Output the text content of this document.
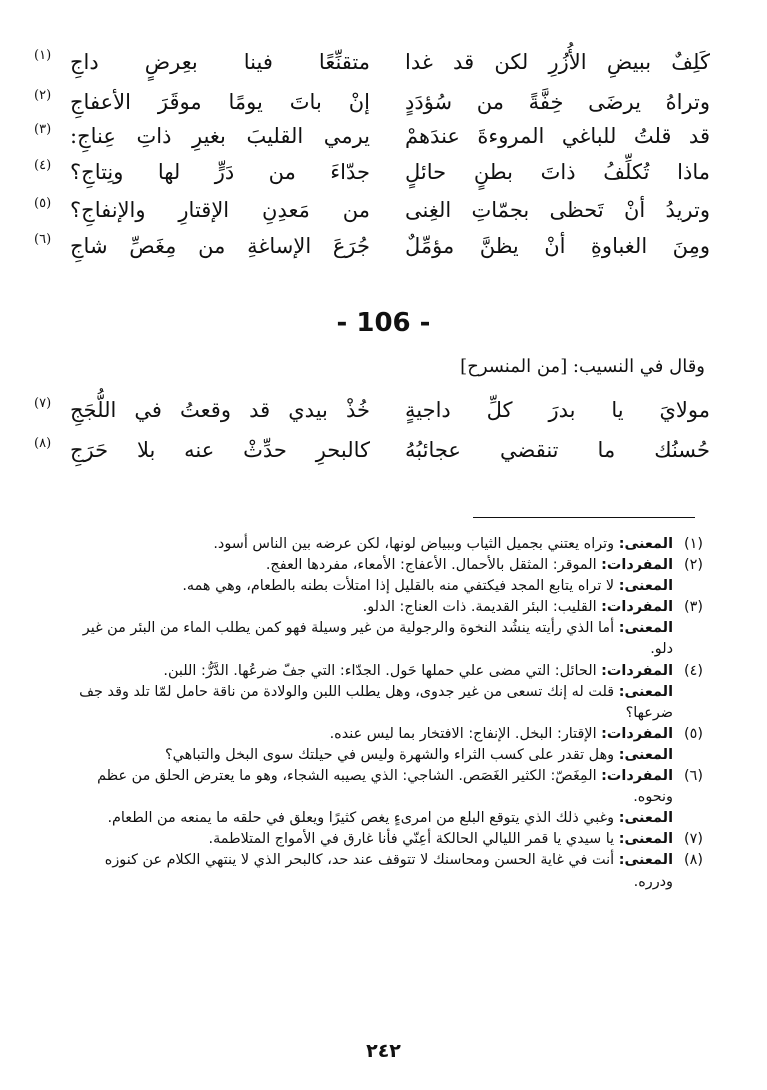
كَلِفٌ ببيضِ الأُزُرِ لكن قد غدا
متقنِّعًا فينا بعِرضٍ داجِ
(١)
وتراهُ يرضَى خِفَّةً من سُؤدَدٍ
إنْ باتَ يومًا موقَرَ الأعفاجِ
(٢)
قد قلتُ للباغي المروءةَ عندَهمْ
يرمي القليبَ بغيرِ ذاتِ عِناجِ:
(٣)
ماذا تُكلِّفُ ذاتَ بطنٍ حائلٍ
جدّاءَ من دَرٍّ لها ونِتاجِ؟
(٤)
وتريدُ أنْ تَحظى بجمّاتِ الغِنى
من مَعدِنِ الإقتارِ والإنفاجِ؟
(٥)
ومِنَ الغباوةِ أنْ يظنَّ مؤمِّلٌ
جُرَعَ الإساغةِ من مِغَصِّ شاجِ
(٦)
- 106 -
وقال في النسيب: [من المنسرح]
مولايَ يا بدرَ كلِّ داجيةٍ
خُذْ بيدي قد وقعتُ في اللُّجَجِ
(٧)
حُسنُك ما تنقضي عجائبُهُ
كالبحرِ حدِّثْ عنه بلا حَرَجِ
(٨)
(١)
المعنى: وتراه يعتني بجميل الثياب وببياض لونها، لكن عرضه بين الناس أسود.
(٢)
المفردات: الموقر: المثقل بالأحمال. الأعفاج: الأمعاء، مفردها العفج.
المعنى: لا تراه يتابع المجد فيكتفي منه بالقليل إذا امتلأت بطنه بالطعام، وهي همه.
(٣)
المفردات: القليب: البئر القديمة. ذات العناج: الدلو.
المعنى: أما الذي رأيته ينشُد النخوة والرجولية من غير وسيلة فهو كمن يطلب الماء من البئر من غير دلو.
(٤)
المفردات: الحائل: التي مضى علي حملها حَول. الجدّاء: التي جفّ ضرعُها. الدَّرُّ: اللبن.
المعنى: قلت له إنك تسعى من غير جدوى، وهل يطلب اللبن والولادة من ناقة حامل لمّا تلد وقد جف ضرعها؟
(٥)
المفردات: الإقتار: البخل. الإنفاج: الافتخار بما ليس عنده.
المعنى: وهل تقدر على كسب الثراء والشهرة وليس في حيلتك سوى البخل والتباهي؟
(٦)
المفردات: المِغَصّ: الكثير الغَصَص. الشاجي: الذي يصيبه الشجاء، وهو ما يعترض الحلق من عظم ونحوه.
المعنى: وغبي ذلك الذي يتوقع البلع من امرىءٍ يغص كثيرًا ويعلق في حلقه ما يمنعه من الطعام.
(٧)
المعنى: يا سيدي يا قمر الليالي الحالكة أعِنّي فأنا غارق في الأمواج المتلاطمة.
(٨)
المعنى: أنت في غاية الحسن ومحاسنك لا تتوقف عند حد، كالبحر الذي لا ينتهي الكلام عن كنوزه ودرره.
٢٤٢
